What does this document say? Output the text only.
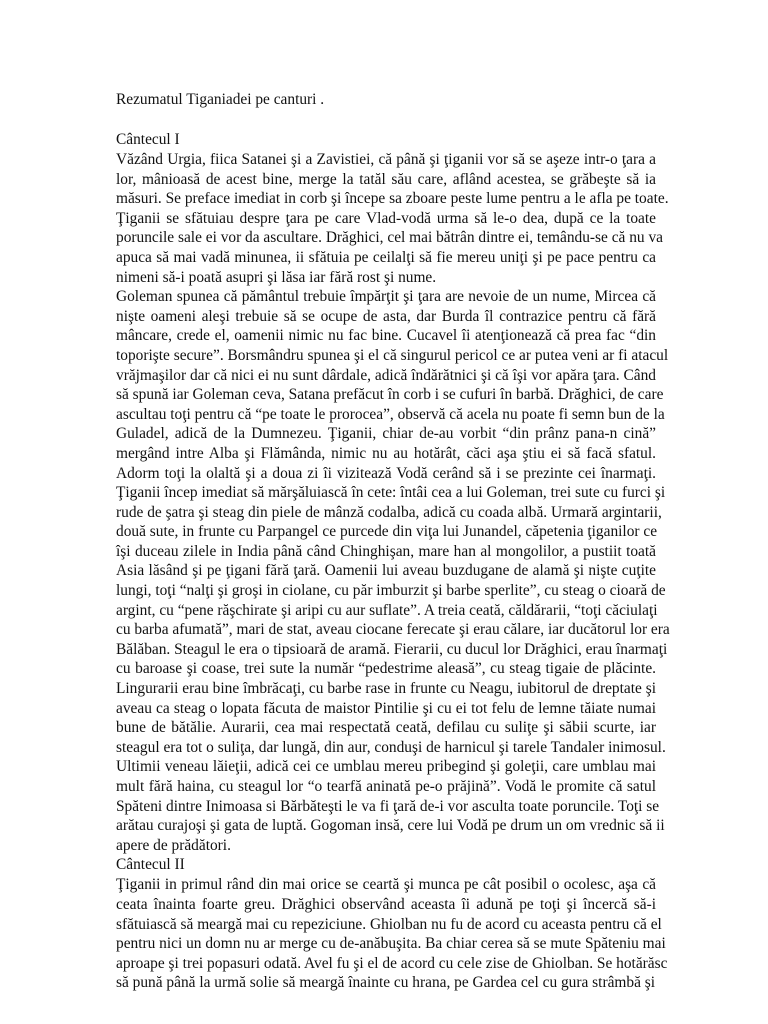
Rezumatul Tiganiadei pe canturi .
Cântecul I
Văzând Urgia, fiica Satanei şi a Zavistiei, că până şi ţiganii vor să se aşeze intr-o ţara a
lor, mânioasă de acest bine, merge la tatăl său care, aflând acestea, se grăbeşte să ia
măsuri. Se preface imediat in corb şi începe sa zboare peste lume pentru a le afla pe toate.
Ţiganii se sfătuiau despre ţara pe care Vlad-vodă urma să le-o dea, după ce la toate
poruncile sale ei vor da ascultare. Drăghici, cel mai bătrân dintre ei, temându-se că nu va
apuca să mai vadă minunea, ii sfătuia pe ceilalţi să fie mereu uniţi şi pe pace pentru ca
nimeni să-i poată asupri şi lăsa iar fără rost şi nume.
Goleman spunea că pământul trebuie împărţit şi ţara are nevoie de un nume, Mircea că
nişte oameni aleşi trebuie să se ocupe de asta, dar Burda îl contrazice pentru că fără
mâncare, crede el, oamenii nimic nu fac bine. Cucavel îi atenţionează că prea fac “din
toporişte secure”. Borsmândru spunea şi el că singurul pericol ce ar putea veni ar fi atacul
vrăjmaşilor dar că nici ei nu sunt dârdale, adică îndărătnici şi că îşi vor apăra ţara. Când
să spună iar Goleman ceva, Satana prefăcut în corb i se cufuri în barbă. Drăghici, de care
ascultau toţi pentru că “pe toate le prorocea”, observă că acela nu poate fi semn bun de la
Guladel, adică de la Dumnezeu. Ţiganii, chiar de-au vorbit “din prânz pana-n cină”
mergând intre Alba şi Flămânda, nimic nu au hotărât, căci aşa ştiu ei să facă sfatul.
Adorm toţi la olaltă şi a doua zi îi vizitează Vodă cerând să i se prezinte cei înarmaţi.
Ţiganii încep imediat să mărşăluiască în cete: întâi cea a lui Goleman, trei sute cu furci şi
rude de şatra şi steag din piele de mânză codalba, adică cu coada albă. Urmară argintarii,
două sute, in frunte cu Parpangel ce purcede din viţa lui Junandel, căpetenia ţiganilor ce
îşi duceau zilele in India până când Chinghişan, mare han al mongolilor, a pustiit toată
Asia lăsând şi pe ţigani fără ţară. Oamenii lui aveau buzdugane de alamă şi nişte cuţite
lungi, toţi “nalţi şi groşi in ciolane, cu păr imburzit şi barbe sperlite”, cu steag o cioară de
argint, cu “pene răşchirate şi aripi cu aur suflate”. A treia ceată, căldărarii, “toţi căciulaţi
cu barba afumată”, mari de stat, aveau ciocane ferecate şi erau călare, iar ducătorul lor era
Bălăban. Steagul le era o tipsioară de aramă. Fierarii, cu ducul lor Drăghici, erau înarmaţi
cu baroase şi coase, trei sute la număr “pedestrime aleasă”, cu steag tigaie de plăcinte.
Lingurarii erau bine îmbrăcaţi, cu barbe rase in frunte cu Neagu, iubitorul de dreptate şi
aveau ca steag o lopata făcuta de maistor Pintilie şi cu ei tot felu de lemne tăiate numai
bune de bătălie. Aurarii, cea mai respectată ceată, defilau cu suliţe şi săbii scurte, iar
steagul era tot o suliţa, dar lungă, din aur, conduşi de harnicul şi tarele Tandaler inimosul.
Ultimii veneau lăieţii, adică cei ce umblau mereu pribegind şi goleţii, care umblau mai
mult fără haina, cu steagul lor “o tearfă aninată pe-o prăjină”. Vodă le promite că satul
Spăteni dintre Inimoasa si Bărbăteşti le va fi ţară de-i vor asculta toate poruncile. Toţi se
arătau curajoşi şi gata de luptă. Gogoman insă, cere lui Vodă pe drum un om vrednic să ii
apere de prădători.
Cântecul II
Ţiganii in primul rând din mai orice se ceartă şi munca pe cât posibil o ocolesc, aşa că
ceata înainta foarte greu. Drăghici observând aceasta îi adună pe toţi şi încercă să-i
sfătuiască să meargă mai cu repeziciune. Ghiolban nu fu de acord cu aceasta pentru că el
pentru nici un domn nu ar merge cu de-anăbuşita. Ba chiar cerea să se mute Spăteniu mai
aproape şi trei popasuri odată. Avel fu şi el de acord cu cele zise de Ghiolban. Se hotărăsc
să pună până la urmă solie să meargă înainte cu hrana, pe Gardea cel cu gura strâmbă şi
